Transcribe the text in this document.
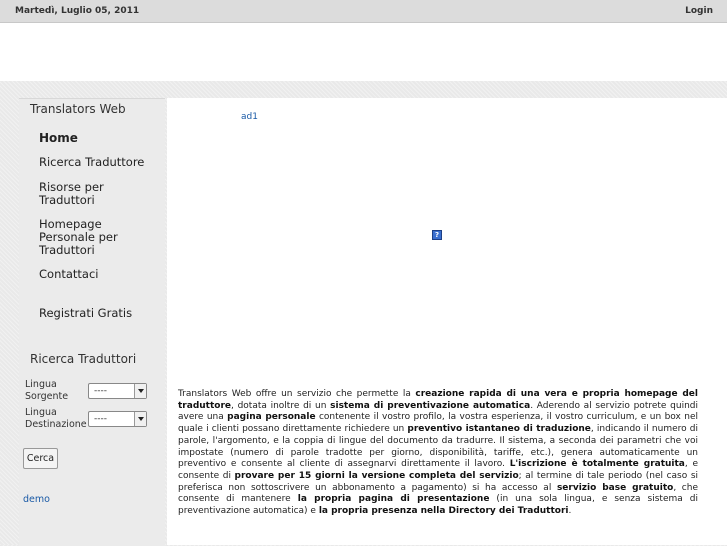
Martedì, Luglio 05, 2011	Login
Translators Web
Home
Ricerca Traduttore
Risorse per Traduttori
Homepage Personale per Traduttori
Contattaci
Registrati Gratis
Ricerca Traduttori
Lingua Sorgente	----
Lingua Destinazione ----
Cerca
demo
ad1
?
Translators Web offre un servizio che permette la creazione rapida di una vera e propria homepage del traduttore, dotata inoltre di un sistema di preventivazione automatica. Aderendo al servizio potrete quindi avere una pagina personale contenente il vostro profilo, la vostra esperienza, il vostro curriculum, e un box nel quale i clienti possano direttamente richiedere un preventivo istantaneo di traduzione, indicando il numero di parole, l'argomento, e la coppia di lingue del documento da tradurre. Il sistema, a seconda dei parametri che voi impostate (numero di parole tradotte per giorno, disponibilità, tariffe, etc.), genera automaticamente un preventivo e consente al cliente di assegnarvi direttamente il lavoro. L'iscrizione è totalmente gratuita, e consente di provare per 15 giorni la versione completa del servizio; al termine di tale periodo (nel caso si preferisca non sottoscrivere un abbonamento a pagamento) si ha accesso al servizio base gratuito, che consente di mantenere la propria pagina di presentazione (in una sola lingua, e senza sistema di preventivazione automatica) e la propria presenza nella Directory dei Traduttori.
